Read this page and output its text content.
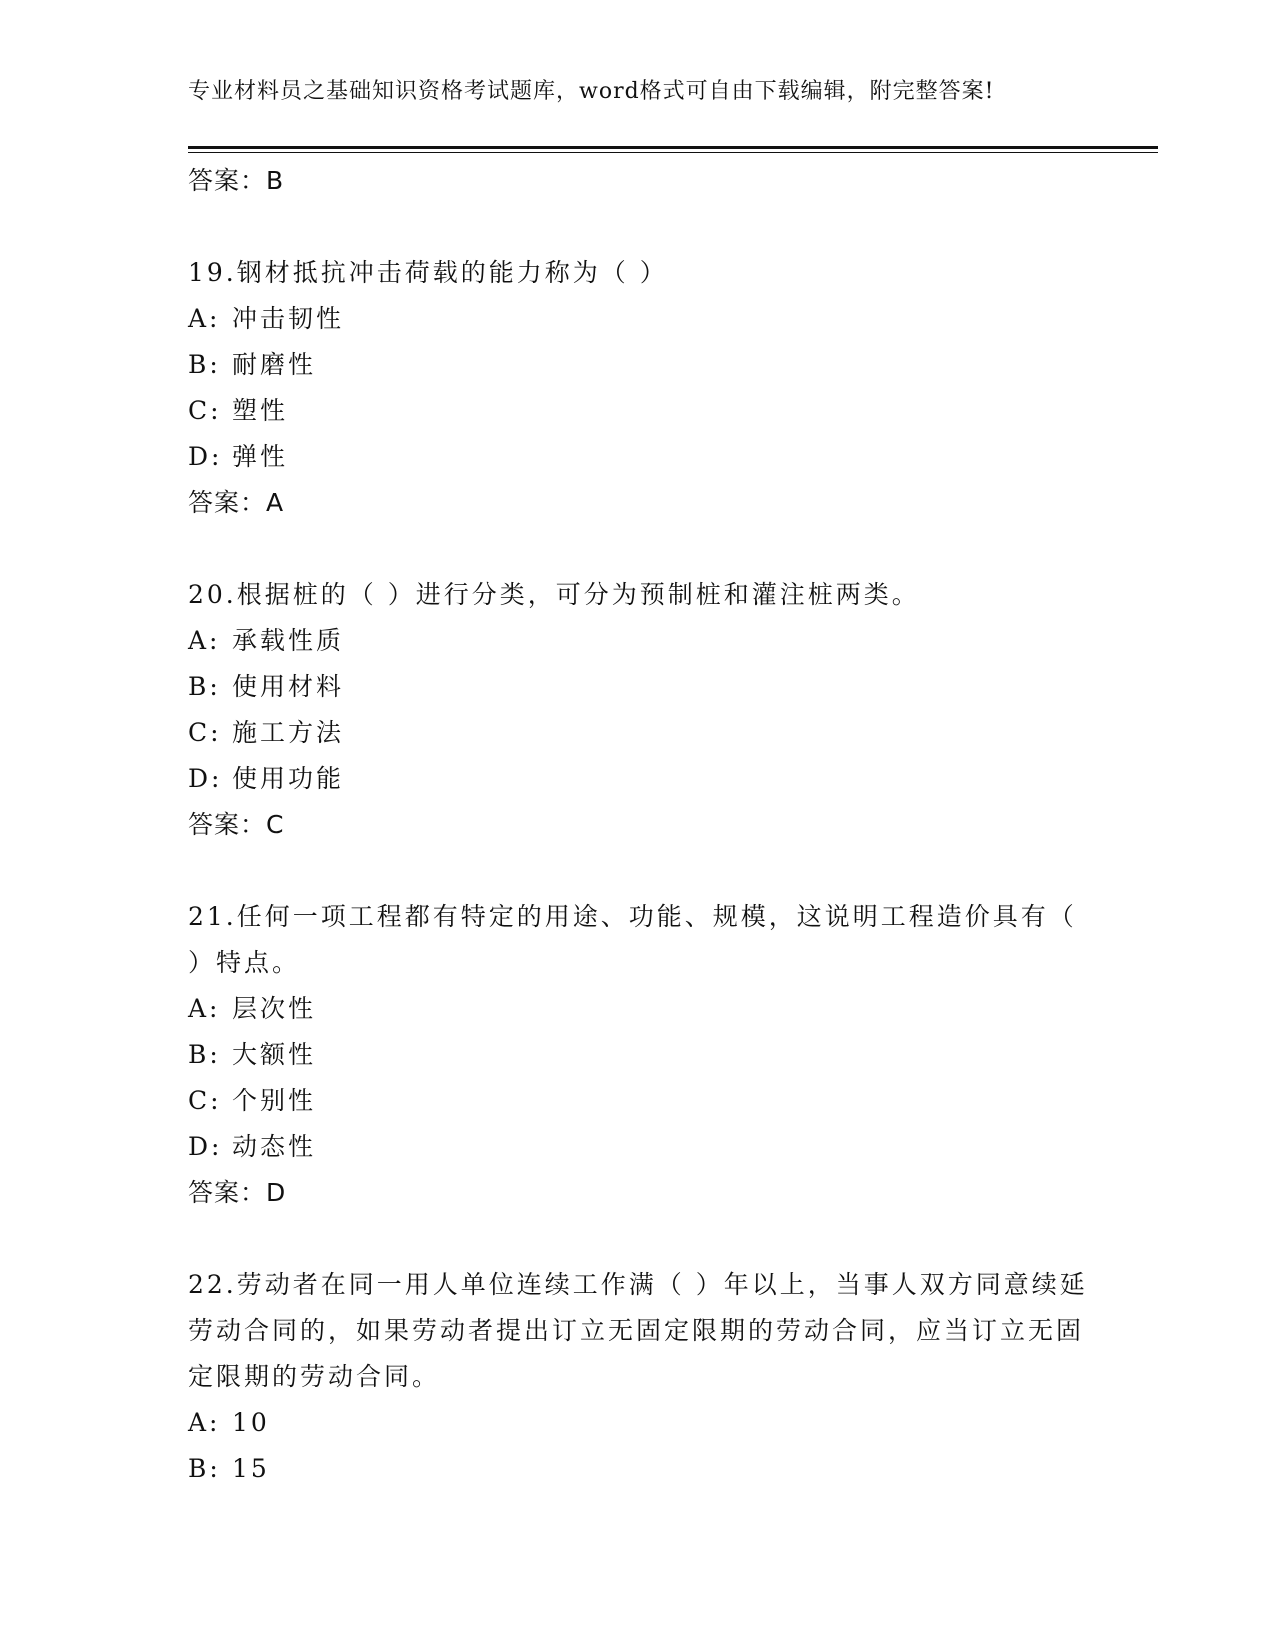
专业材料员之基础知识资格考试题库，word格式可自由下载编辑，附完整答案!
答案：B
19.钢材抵抗冲击荷载的能力称为（ ）
A: 冲击韧性
B: 耐磨性
C: 塑性
D: 弹性
答案：A
20.根据桩的（ ）进行分类，可分为预制桩和灌注桩两类。
A: 承载性质
B: 使用材料
C: 施工方法
D: 使用功能
答案：C
21.任何一项工程都有特定的用途、功能、规模，这说明工程造价具有（ ）特点。
A: 层次性
B: 大额性
C: 个别性
D: 动态性
答案：D
22.劳动者在同一用人单位连续工作满（ ）年以上，当事人双方同意续延劳动合同的，如果劳动者提出订立无固定限期的劳动合同，应当订立无固定限期的劳动合同。
A: 10
B: 15
